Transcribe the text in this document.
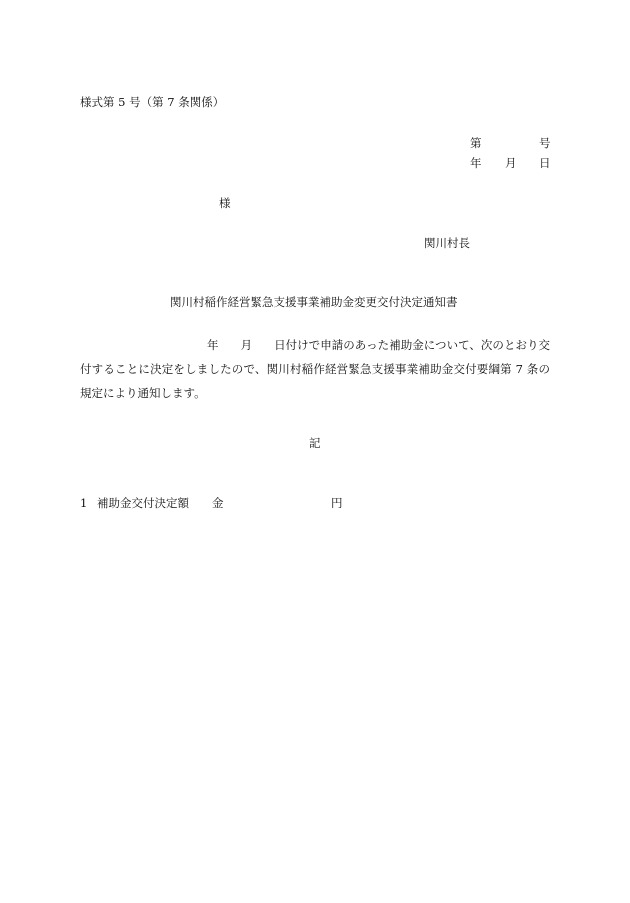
様式第 5 号（第 7 条関係）
第	号
年 月 日
様
関川村長
関川村稲作経営緊急支援事業補助金変更交付決定通知書
年 月 日付けで申請のあった補助金について、次のとおり交付することに決定をしましたので、関川村稲作経営緊急支援事業補助金交付要綱第 7 条の規定により通知します。
記
1 補助金交付決定額 金	円
